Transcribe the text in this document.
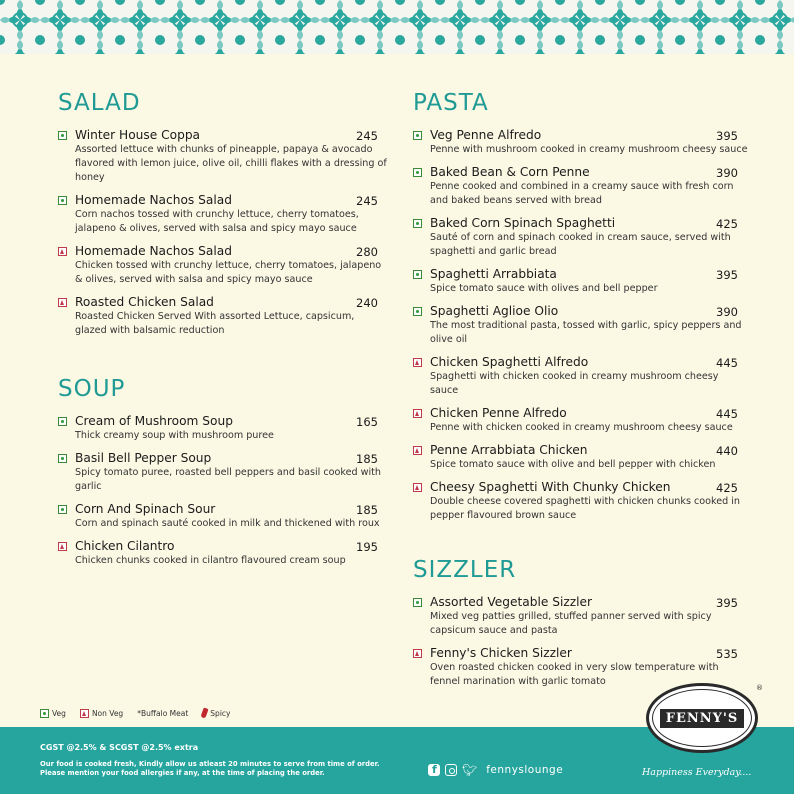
SALAD
Winter House Coppa	245
Assorted lettuce with chunks of pineapple, papaya & avocado flavored with lemon juice, olive oil, chilli flakes with a dressing of honey
Homemade Nachos Salad	245
Corn nachos tossed with crunchy lettuce, cherry tomatoes, jalapeno & olives, served with salsa and spicy mayo sauce
Homemade Nachos Salad	280
Chicken tossed with crunchy lettuce, cherry tomatoes, jalapeno & olives, served with salsa and spicy mayo sauce
Roasted Chicken Salad	240
Roasted Chicken Served With assorted Lettuce, capsicum, glazed with balsamic reduction
SOUP
Cream of Mushroom Soup	165
Thick creamy soup with mushroom puree
Basil Bell Pepper Soup	185
Spicy tomato puree, roasted bell peppers and basil cooked with garlic
Corn And Spinach Sour	185
Corn and spinach sauté cooked in milk and thickened with roux
Chicken Cilantro	195
Chicken chunks cooked in cilantro flavoured cream soup
PASTA
Veg Penne Alfredo	395
Penne with mushroom cooked in creamy mushroom cheesy sauce
Baked Bean & Corn Penne	390
Penne cooked and combined in a creamy sauce with fresh corn and baked beans served with bread
Baked Corn Spinach Spaghetti	425
Sauté of corn and spinach cooked in cream sauce, served with spaghetti and garlic bread
Spaghetti Arrabbiata	395
Spice tomato sauce with olives and bell pepper
Spaghetti Aglioe Olio	390
The most traditional pasta, tossed with garlic, spicy peppers and olive oil
Chicken Spaghetti Alfredo	445
Spaghetti with chicken cooked in creamy mushroom cheesy sauce
Chicken Penne Alfredo	445
Penne with chicken cooked in creamy mushroom cheesy sauce
Penne Arrabbiata Chicken	440
Spice tomato sauce with olive and bell pepper with chicken
Cheesy Spaghetti With Chunky Chicken	425
Double cheese covered spaghetti with chicken chunks cooked in pepper flavoured brown sauce
SIZZLER
Assorted Vegetable Sizzler	395
Mixed veg patties grilled, stuffed panner served with spicy capsicum sauce and pasta
Fenny's Chicken Sizzler	535
Oven roasted chicken cooked in very slow temperature with fennel marination with garlic tomato
Veg	Non Veg *Buffalo Meat	Spicy
CGST @2.5% & SCGST @2.5% extra
Our food is cooked fresh, Kindly allow us atleast 20 minutes to serve from time of order. Please mention your food allergies if any, at the time of placing the order. f	🐦︎ fennyslounge	Happiness Everyday....
FENNY'S
®
